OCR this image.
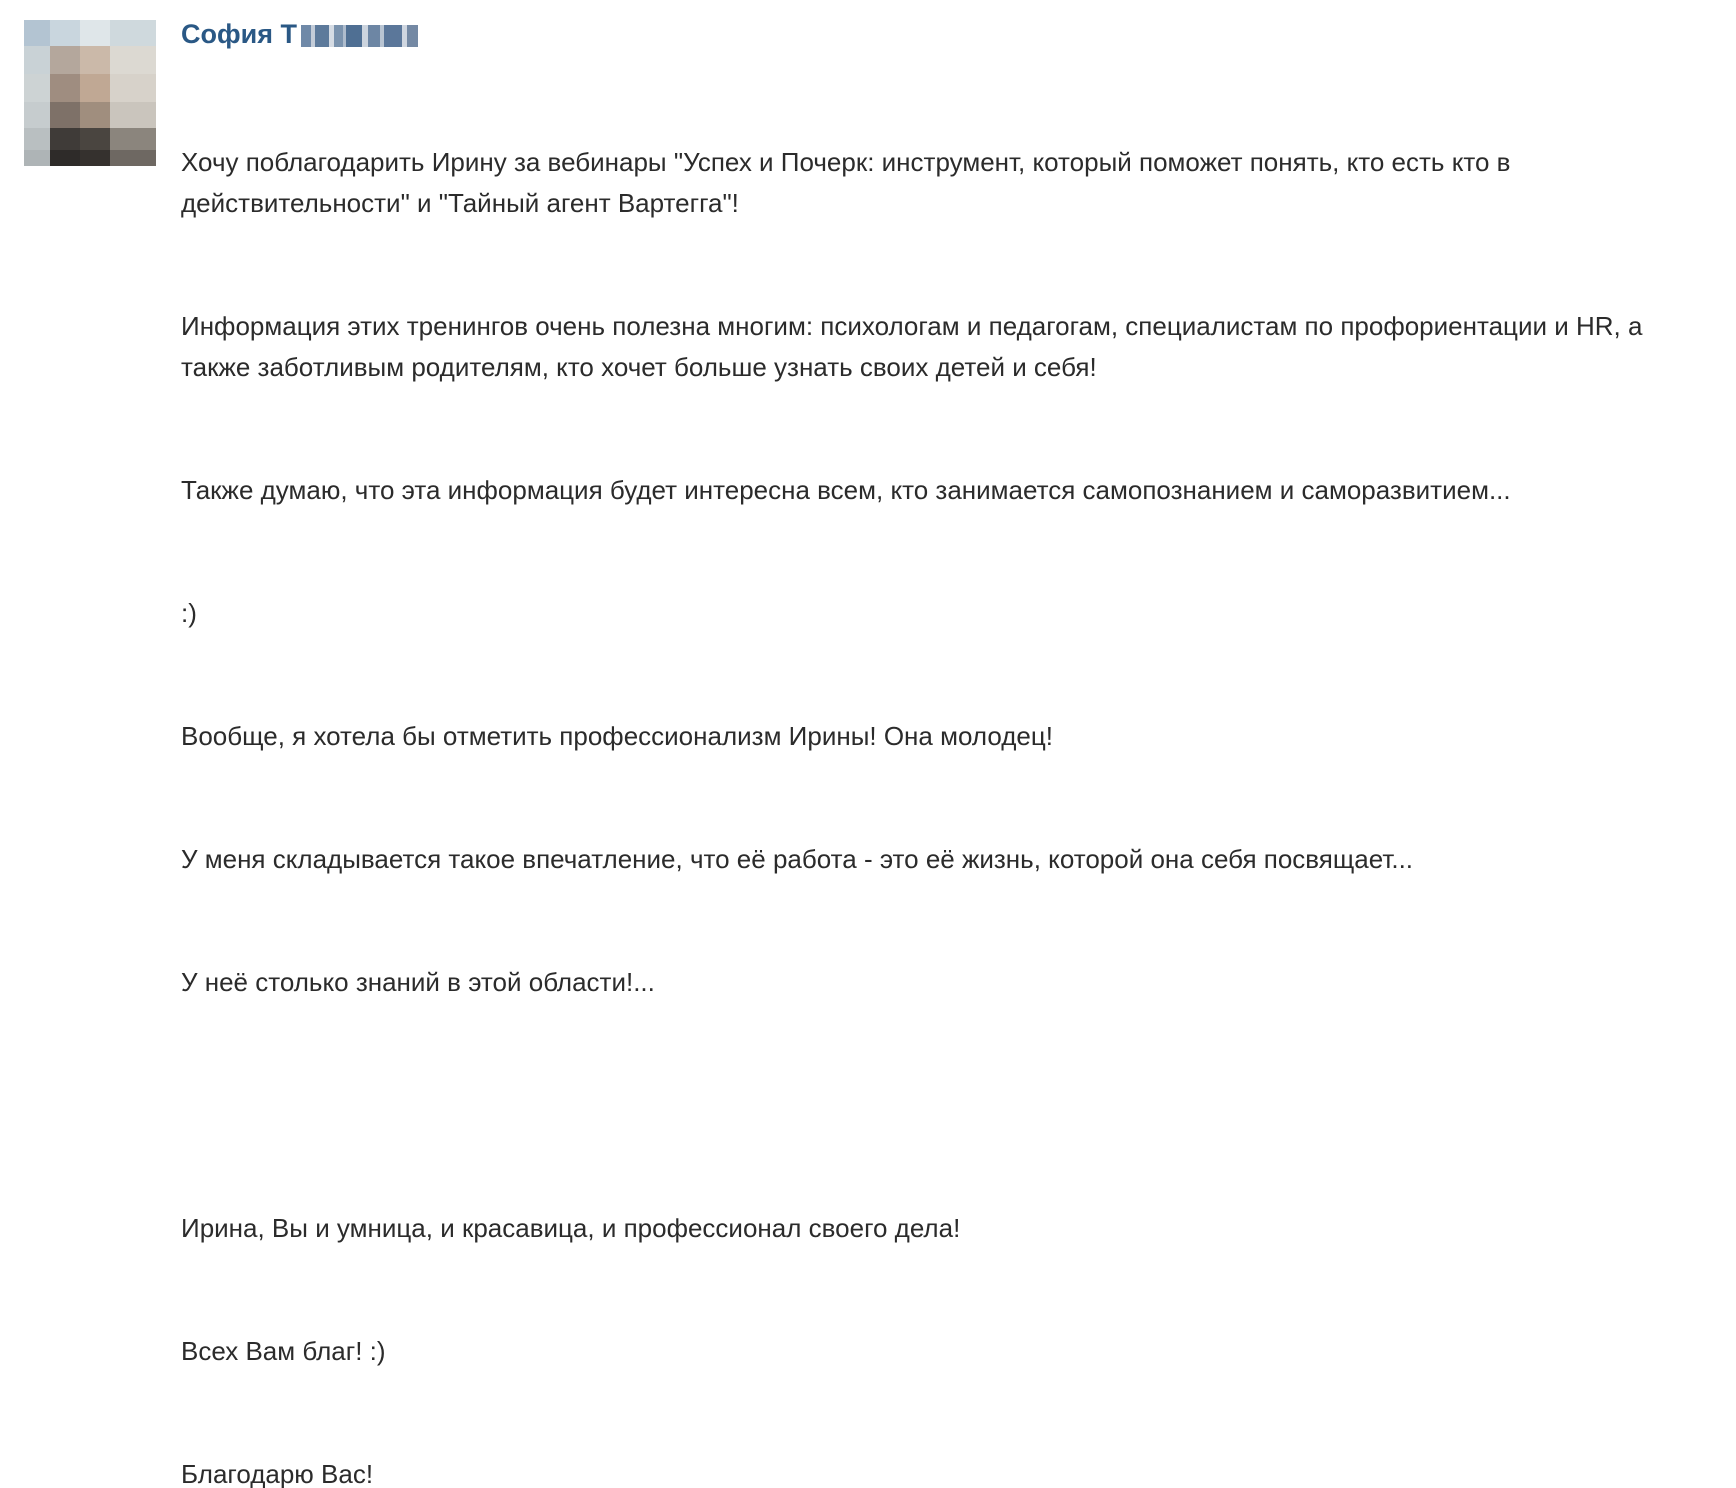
София Т

Хочу поблагодарить Ирину за вебинары "Успех и Почерк: инструмент, который поможет понять, кто есть кто в действительности" и "Тайный агент Вартегга"!

Информация этих тренингов очень полезна многим: психологам и педагогам, специалистам по профориентации и HR, а также заботливым родителям, кто хочет больше узнать своих детей и себя!

Также думаю, что эта информация будет интересна всем, кто занимается самопознанием и саморазвитием...

:)

Вообще, я хотела бы отметить профессионализм Ирины! Она молодец!

У меня складывается такое впечатление, что её работа - это её жизнь, которой она себя посвящает...

У неё столько знаний в этой области!...

Ирина, Вы и умница, и красавица, и профессионал своего дела!

Всех Вам благ! :)

Благодарю Вас!
